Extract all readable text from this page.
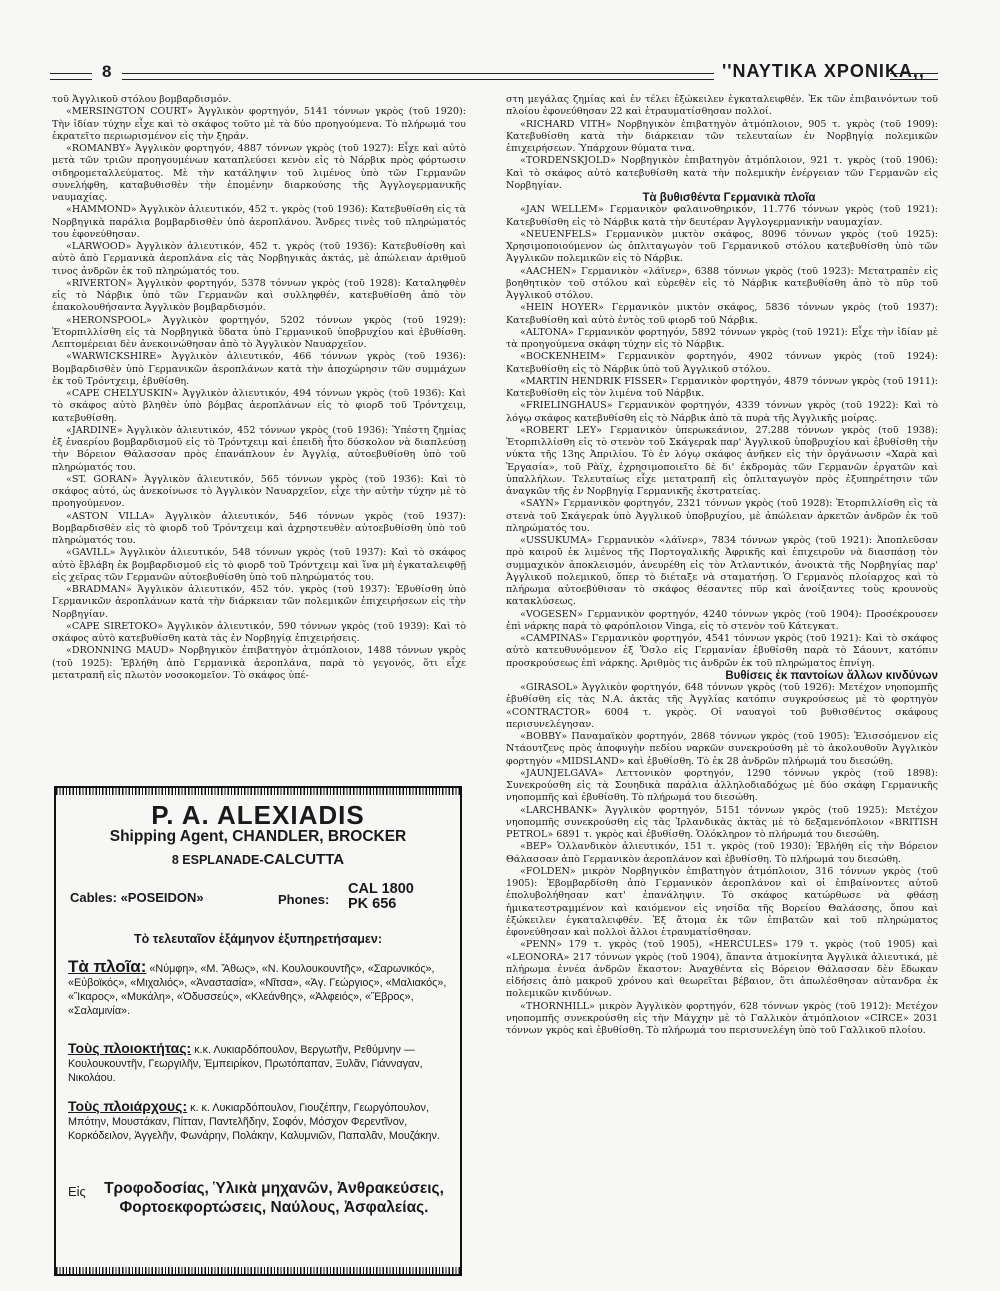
8	''ΝΑΥΤΙΚΑ ΧΡΟΝΙΚΑ,,

τοῦ Ἀγγλικοῦ στόλου βομβαρδισμόν.

«MERSINGTON COURT» Ἀγγλικὸν φορτηγόν, 5141 τόννων γκρὸς (τοῦ 1920): Τὴν ἰδίαν τύχην εἶχε καὶ τὸ σκάφος τοῦτο μὲ τὰ δύο προηγούμενα. Τὸ πλήρωμά του ἐκρατεῖτο περιωρισμένον εἰς τὴν ξηράν.

«ROMANBY» Ἀγγλικὸν φορτηγόν, 4887 τόννων γκρὸς (τοῦ 1927): Εἶχε καὶ αὐτὸ μετὰ τῶν τριῶν προηγουμένων καταπλεύσει κενὸν εἰς τὸ Νάρβικ πρὸς φόρτωσιν σιδηρομεταλλεύματος. Μὲ τὴν κατάληψιν τοῦ λιμένος ὑπὸ τῶν Γερμανῶν συνελήφθη, καταβυθισθὲν τὴν ἑπομένην διαρκούσης τῆς Ἀγγλογερμανικῆς ναυμαχίας.

«HAMMOND» Ἀγγλικὸν ἁλιευτικόν, 452 τ. γκρὸς (τοῦ 1936): Κατεβυθίσθη εἰς τὰ Νορβηγικὰ παράλια βομβαρδισθὲν ὑπὸ ἀεροπλάνου. Ἄνδρες τινὲς τοῦ πληρώματός του ἐφονεύθησαν.

«LARWOOD» Ἀγγλικὸν ἁλιευτικόν, 452 τ. γκρὸς (τοῦ 1936): Κατεβυθίσθη καὶ αὐτὸ ἀπὸ Γερμανικὰ ἀεροπλάνα εἰς τὰς Νορβηγικὰς ἀκτάς, μὲ ἀπώλειαν ἀριθμοῦ τινος ἀνδρῶν ἐκ τοῦ πληρώματός του.

«RIVERTON» Ἀγγλικὸν φορτηγόν, 5378 τόννων γκρὸς (τοῦ 1928): Καταληφθὲν εἰς τὸ Νάρβικ ὑπὸ τῶν Γερμανῶν καὶ συλληφθέν, κατεβυθίσθη ἀπὸ τὸν ἐπακολουθήσαντα Ἀγγλικὸν βομβαρδισμόν.

«HERONSPOOL» Ἀγγλικὸν φορτηγόν, 5202 τόννων γκρὸς (τοῦ 1929): Ἐτορπιλλίσθη εἰς τὰ Νορβηγικὰ ὕδατα ὑπὸ Γερμανικοῦ ὑποβρυχίου καὶ ἐβυθίσθη. Λεπτομέρειαι δὲν ἀνεκοινώθησαν ἀπὸ τὸ Ἀγγλικὸν Ναυαρχεῖον.

«WARWICKSHIRE» Ἀγγλικὸν ἁλιευτικόν, 466 τόννων γκρὸς (τοῦ 1936): Βομβαρδισθὲν ὑπὸ Γερμανικῶν ἀεροπλάνων κατὰ τὴν ἀποχώρησιν τῶν συμμάχων ἐκ τοῦ Τρόντχειμ, ἐβυθίσθη.

«CAPE CHELYUSKIN» Ἀγγλικὸν ἁλιευτικόν, 494 τόννων γκρὸς (τοῦ 1936): Καὶ τὸ σκάφος αὐτὸ βληθὲν ὑπὸ βόμβας ἀεροπλάνων εἰς τὸ φιορδ τοῦ Τρόντχειμ, κατεβυθίσθη.

«JARDINE» Ἀγγλικὸν ἁλιευτικόν, 452 τόννων γκρὸς (τοῦ 1936): Ὑπέστη ζημίας ἐξ ἐναερίου βομβαρδισμοῦ εἰς τὸ Τρόντχειμ καὶ ἐπειδὴ ἦτο δύσκολον νὰ διαπλεύσῃ τὴν Βόρειον Θάλασσαν πρὸς ἐπανάπλουν ἐν Ἀγγλίᾳ, αὐτοεβυθίσθη ὑπὸ τοῦ πληρώματός του.

«ST. GORAN» Ἀγγλικὸν ἁλιευτικόν, 565 τόννων γκρὸς (τοῦ 1936): Καὶ τὸ σκάφος αὐτό, ὡς ἀνεκοίνωσε τὸ Ἀγγλικὸν Ναυαρχεῖον, εἶχε τὴν αὐτὴν τύχην μὲ τὸ προηγούμενον.

«ASTON VILLA» Ἀγγλικὸν ἁλιευτικόν, 546 τόννων γκρὸς (τοῦ 1937): Βομβαρδισθὲν εἰς τὸ φιορδ τοῦ Τρόντχειμ καὶ ἀχρηστευθὲν αὐτοεβυθίσθη ὑπὸ τοῦ πληρώματός του.

«GAVILL» Ἀγγλικὸν ἁλιευτικόν, 548 τόννων γκρὸς (τοῦ 1937): Καὶ τὸ σκάφος αὐτὸ ἔβλάβη ἐκ βομβαρδισμοῦ εἰς τὸ φιορδ τοῦ Τρόντχειμ καὶ ἵνα μὴ ἐγκαταλειφθῇ εἰς χεῖρας τῶν Γερμανῶν αὐτοεβυθίσθη ὑπὸ τοῦ πληρώματός του.

«BRADMAN» Ἀγγλικὸν ἁλιευτικόν, 452 τόν. γκρὸς (τοῦ 1937): Ἐβυθίσθη ὑπὸ Γερμανικῶν ἀεροπλάνων κατὰ τὴν διάρκειαν τῶν πολεμικῶν ἐπιχειρήσεων εἰς τὴν Νορβηγίαν.

«CAPE SIRETOKO» Ἀγγλικὸν ἁλιευτικόν, 590 τόννων γκρὸς (τοῦ 1939): Καὶ τὸ σκάφος αὐτὸ κατεβυθίσθη κατὰ τὰς ἐν Νορβηγίᾳ ἐπιχειρήσεις.

«DRONNING MAUD» Νορβηγικὸν ἐπιβατηγὸν ἀτμόπλοιον, 1488 τόννων γκρὸς (τοῦ 1925): Ἐβλήθη ἀπὸ Γερμανικὰ ἀεροπλάνα, παρὰ τὸ γεγονός, ὅτι εἶχε μετατραπῆ εἰς πλωτὸν νοσοκομεῖον. Τὸ σκάφος ὑπέ-

P. A. ALEXIADIS
Shipping Agent, CHANDLER, BROCKER
8 ESPLANADE-CALCUTTA
Cables: «POSEIDON»	Phones:
CAL 1800
PK 656
Τὸ τελευταῖον ἑξάμηνον ἐξυπηρετήσαμεν:
Τὰ πλοῖα: «Νύμφη», «Μ. Ἄθως», «Ν. Κουλουκουντῆς», «Σαρωνικός», «Εὐβοϊκός», «Μιχαλιός», «Ἀναστασία», «Νῖτσα», «Ἁγ. Γεώργιος», «Μαλιακός», «Ἴκαρος», «Μυκάλη», «Ὀδυσσεύς», «Κλεάνθης», «Ἀλφειός», «Ἔβρος», «Σαλαμινία».
Τοὺς πλοιοκτήτας: κ.κ. Λυκιαρδόπουλον, Βεργωτῆν, Ρεθύμνην — Κουλουκουντῆν, Γεωργιλῆν, Ἐμπειρίκον, Πρωτόπαπαν, Ξυλᾶν, Γιάνναγαν, Νικολάου.
Τοὺς πλοιάρχους: κ. κ. Λυκιαρδόπουλον, Γιουζέπην, Γεωργόπουλον, Μπότην, Μουστάκαν, Πίτταν, Παντελῆδην, Σοφόν, Μόσχον Φερεντῖνον, Κορκόδειλον, Ἀγγελῆν, Φωνάρην, Πολάκην, Καλυμνιῶν, Παπαλᾶν, Μουζάκην.
Εἰς	Τροφοδοσίας, Ὑλικὰ μηχανῶν, Ἀνθρακεύσεις, Φορτοεκφορτώσεις, Ναύλους, Ἀσφαλείας.

στη μεγάλας ζημίας καὶ ἐν τέλει ἐξώκειλεν ἐγκαταλειφθέν. Ἐκ τῶν ἐπιβαινόντων τοῦ πλοίου ἐφονεύθησαν 22 καὶ ἐτραυματίσθησαν πολλοί.

«RICHARD VITH» Νορβηγικὸν ἐπιβατηγὸν ἀτμόπλοιον, 905 τ. γκρὸς (τοῦ 1909): Κατεβυθίσθη κατὰ τὴν διάρκειαν τῶν τελευταίων ἐν Νορβηγίᾳ πολεμικῶν ἐπιχειρήσεων. Ὑπάρχουν θύματα τινα.

«TORDENSKJOLD» Νορβηγικὸν ἐπιβατηγὸν ἀτμόπλοιον, 921 τ. γκρὸς (τοῦ 1906): Καὶ τὸ σκάφος αὐτὸ κατεβυθίσθη κατὰ τὴν πολεμικὴν ἐνέργειαν τῶν Γερμανῶν εἰς Νορβηγίαν.

Τὰ βυθισθέντα Γερμανικὰ πλοῖα

«JAN WELLEM» Γερμανικὸν φαλαινοθηρικόν, 11.776 τόννων γκρὸς (τοῦ 1921): Κατεβυθίσθη εἰς τὸ Νάρβικ κατὰ τὴν δευτέραν Ἀγγλογερμανικὴν ναυμαχίαν.

«NEUENFELS» Γερμανικὸν μικτὸν σκάφος, 8096 τόννων γκρὸς (τοῦ 1925): Χρησιμοποιούμενον ὡς ὁπλιταγωγὸν τοῦ Γερμανικοῦ στόλου κατεβυθίσθη ὑπὸ τῶν Ἀγγλικῶν πολεμικῶν εἰς τὸ Νάρβικ.

«AACHEN» Γερμανικὸν «λάϊνερ», 6388 τόννων γκρὸς (τοῦ 1923): Μετατραπὲν εἰς βοηθητικὸν τοῦ στόλου καὶ εὑρεθὲν εἰς τὸ Νάρβικ κατεβυθίσθη ἀπὸ τὸ πῦρ τοῦ Ἀγγλικοῦ στόλου.

«HEIN HOYER» Γερμανικὸν μικτὸν σκάφος, 5836 τόννων γκρὸς (τοῦ 1937): Κατεβυθίσθη καὶ αὐτὸ ἐντὸς τοῦ φιορδ τοῦ Νάρβικ.

«ALTONA» Γερμανικὸν φορτηγόν, 5892 τόννων γκρὸς (τοῦ 1921): Εἶχε τὴν ἰδίαν μὲ τὰ προηγούμενα σκάφη τύχην εἰς τὸ Νάρβικ.

«BOCKENHEIM» Γερμανικὸν φορτηγόν, 4902 τόννων γκρὸς (τοῦ 1924): Κατεβυθίσθη εἰς τὸ Νάρβικ ὑπὸ τοῦ Ἀγγλικοῦ στόλου.

«MARTIN HENDRIK FISSER» Γερμανικὸν φορτηγόν, 4879 τόννων γκρὸς (τοῦ 1911): Κατεβυθίσθη εἰς τὸν λιμένα τοῦ Νάρβικ.

«FRIELINGHAUS» Γερμανικὸν φορτηγόν, 4339 τόννων γκρὸς (τοῦ 1922): Καὶ τὸ λόγῳ σκάφος κατεβυθίσθη εἰς τὸ Νάρβικ ἀπὸ τὰ πυρὰ τῆς Ἀγγλικῆς μοίρας.

«ROBERT LEY» Γερμανικὸν ὑπερωκεάνιον, 27.288 τόννων γκρὸς (τοῦ 1938): Ἐτορπιλλίσθη εἰς τὸ στενὸν τοῦ Σκάγεραk παρ' Ἀγγλικοῦ ὑποβρυχίου καὶ ἐβυθίσθη τὴν νύκτα τῆς 13ης Ἀπριλίου. Τὸ ἐν λόγῳ σκάφος ἀνῆκεν εἰς τὴν ὀργάνωσιν «Χαρὰ καὶ Ἐργασία», τοῦ Ρὰϊχ, ἐχρησιμοποιεῖτο δὲ δι' ἐκδρομὰς τῶν Γερμανῶν ἐργατῶν καὶ ὑπαλλήλων. Τελευταίως εἶχε μετατραπῆ εἰς ὁπλιταγωγὸν πρὸς ἐξυπηρέτησιν τῶν ἀναγκῶν τῆς ἐν Νορβηγίᾳ Γερμανικῆς ἐκστρατείας.

«SAYN» Γερμανικὸν φορτηγόν, 2321 τόννων γκρὸς (τοῦ 1928): Ἐτορπιλλίσθη εἰς τὰ στενὰ τοῦ Σκάγεραk ὑπὸ Ἀγγλικοῦ ὑποβρυχίου, μὲ ἀπώλειαν ἀρκετῶν ἀνδρῶν ἐκ τοῦ πληρώματός του.

«USSUKUMA» Γερμανικὸν «λάϊνερ», 7834 τόννων γκρὸς (τοῦ 1921): Ἀποπλεῦσαν πρὸ καιροῦ ἐκ λιμένος τῆς Πορτογαλικῆς Ἀφρικῆς καὶ ἐπιχειροῦν νὰ διασπάσῃ τὸν συμμαχικὸν ἀποκλεισμόν, ἀνευρέθη εἰς τὸν Ἀτλαντικόν, ἀνοικτὰ τῆς Νορβηγίας παρ' Ἀγγλικοῦ πολεμικοῦ, ὅπερ τὸ διέταξε νὰ σταματήσῃ. Ὁ Γερμανὸς πλοίαρχος καὶ τὸ πλήρωμα αὐτοεβύθισαν τὸ σκάφος θέσαντες πῦρ καὶ ἀνοίξαντες τοὺς κρουνοὺς κατακλύσεως.

«VOGESEN» Γερμανικὸν φορτηγόν, 4240 τόννων γκρὸς (τοῦ 1904): Προσέκρουσεν ἐπὶ νάρκης παρὰ τὸ φαρόπλοιον Vinga, εἰς τὸ στενὸν τοῦ Κάτεγκατ.

«CAMPINAS» Γερμανικὸν φορτηγόν, 4541 τόννων γκρὸς (τοῦ 1921): Καὶ τὸ σκάφος αὐτὸ κατευθυνόμενον ἐξ Ὄσλο εἰς Γερμανίαν ἐβυθίσθη παρὰ τὸ Σάουντ, κατόπιν προσκρούσεως ἐπὶ νάρκης. Ἀριθμὸς τις ἀνδρῶν ἐκ τοῦ πληρώματος ἐπνίγη.

Βυθίσεις ἐκ παντοίων ἄλλων κινδύνων

«GIRASOL» Ἀγγλικὸν φορτηγόν, 648 τόννων γκρὸς (τοῦ 1926): Μετέχον νηοπομπῆς ἐβυθίσθη εἰς τὰς Ν.Α. ἀκτὰς τῆς Ἀγγλίας κατόπιν συγκρούσεως μὲ τὸ φορτηγὸν «CONTRACTOR» 6004 τ. γκρὸς. Οἱ ναυαγοὶ τοῦ βυθισθέντος σκάφους περισυνελέγησαν.

«BOBBY» Παναμαϊκὸν φορτηγόν, 2868 τόννων γκρὸς (τοῦ 1905): Ἐλισσόμενον εἰς Ντάουτζενς πρὸς ἀποφυγὴν πεδίου ναρκῶν συνεκρούσθη μὲ τὸ ἀκολουθοῦν Ἀγγλικὸν φορτηγὸν «MIDSLAND» καὶ ἐβυθίσθη. Τὸ ἐκ 28 ἀνδρῶν πλήρωμά του διεσώθη.

«JAUNJELGAVA» Λεττονικὸν φορτηγόν, 1290 τόννων γκρὸς (τοῦ 1898): Συνεκρούσθη εἰς τὰ Σουηδικὰ παράλια ἀλληλοδιαδόχως μὲ δύο σκάφη Γερμανικῆς νηοπομπῆς καὶ ἐβυθίσθη. Τὸ πλήρωμά του διεσώθη.

«LARCHBANK» Ἀγγλικὸν φορτηγόν, 5151 τόννων γκρὸς (τοῦ 1925): Μετέχον νηοπομπῆς συνεκρούσθη εἰς τὰς Ἰρλανδικὰς ἀκτὰς μὲ τὸ δεξαμενόπλοιον «BRITISH PETROL» 6891 τ. γκρὸς καὶ ἐβυθίσθη. Ὁλόκληρον τὸ πλήρωμά του διεσώθη.

«BEP» Ὁλλανδικὸν ἁλιευτικόν, 151 τ. γκρὸς (τοῦ 1930): Ἐβλήθη εἰς τὴν Βόρειον Θάλασσαν ἀπὸ Γερμανικὸν ἀεροπλάνον καὶ ἐβυθίσθη. Τὸ πλήρωμά του διεσώθη.

«FOLDEN» μικρὸν Νορβηγικὸν ἐπιβατηγὸν ἀτμόπλοιον, 316 τόννων γκρὸς (τοῦ 1905): Ἐβομβαρδίσθη ἀπὸ Γερμανικὸν ἀεροπλάνον καὶ οἱ ἐπιβαίνοντες αὐτοῦ ἐπολυβολήθησαν κατ' ἐπανάληψιν. Τὸ σκάφος κατώρθωσε νὰ φθάσῃ ἡμικατεστραμμένον καὶ καιόμενον εἰς νησίδα τῆς Βορείου Θαλάσσης, ὅπου καὶ ἐξώκειλεν ἐγκαταλειφθέν. Ἐξ ἄτομα ἐκ τῶν ἐπιβατῶν καὶ τοῦ πληρώματος ἐφονεύθησαν καὶ πολλοὶ ἄλλοι ἐτραυματίσθησαν.

«PENN» 179 τ. γκρὸς (τοῦ 1905), «HERCULES» 179 τ. γκρὸς (τοῦ 1905) καὶ «LEONORA» 217 τόννων γκρὸς (τοῦ 1904), ἅπαντα ἀτμοκίνητα Ἀγγλικὰ ἁλιευτικά, μὲ πλήρωμα ἐννέα ἀνδρῶν ἕκαστον: Ἀναχθέντα εἰς Βόρειον Θάλασσαν δὲν ἔδωκαν εἰδήσεις ἀπὸ μακροῦ χρόνου καὶ θεωρεῖται βέβαιον, ὅτι ἀπωλέσθησαν αὐτανδρα ἐκ πολεμικῶν κινδύνων.

«THORNHILL» μικρὸν Ἀγγλικὸν φορτηγόν, 628 τόννων γκρὸς (τοῦ 1912): Μετέχον νηοπομπῆς συνεκρούσθη εἰς τὴν Μάγχην μὲ τὸ Γαλλικὸν ἀτμόπλοιον «CIRCE» 2031 τόννων γκρὸς καὶ ἐβυθίσθη. Τὸ πλήρωμά του περισυνελέγη ὑπὸ τοῦ Γαλλικοῦ πλοίου.
